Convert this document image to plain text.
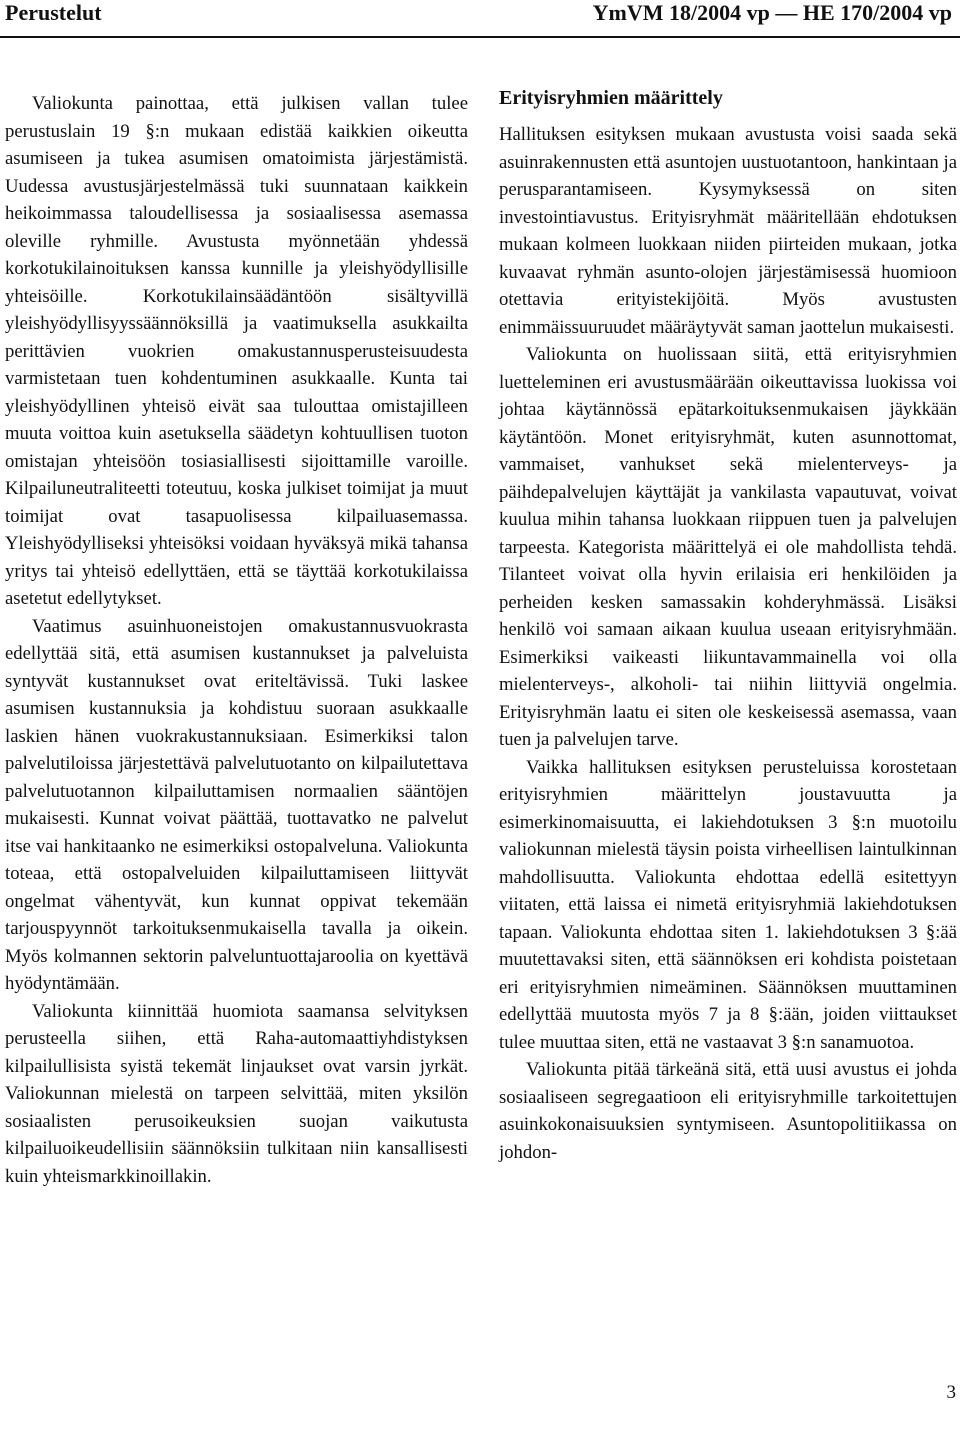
Perustelut	YmVM 18/2004 vp — HE 170/2004 vp

Valiokunta painottaa, että julkisen vallan tulee perustuslain 19 §:n mukaan edistää kaikkien oikeutta asumiseen ja tukea asumisen omatoimista järjestämistä. Uudessa avustusjärjestelmässä tuki suunnataan kaikkein heikoimmassa taloudellisessa ja sosiaalisessa asemassa oleville ryhmille. Avustusta myönnetään yhdessä korkotukilainoituksen kanssa kunnille ja yleishyödyllisille yhteisöille. Korkotukilainsäädäntöön sisältyvillä yleishyödyllisyyssäännöksillä ja vaatimuksella asukkailta perittävien vuokrien omakustannusperusteisuudesta varmistetaan tuen kohdentuminen asukkaalle. Kunta tai yleishyödyllinen yhteisö eivät saa tulouttaa omistajilleen muuta voittoa kuin asetuksella säädetyn kohtuullisen tuoton omistajan yhteisöön tosiasiallisesti sijoittamille varoille. Kilpailuneutraliteetti toteutuu, koska julkiset toimijat ja muut toimijat ovat tasapuolisessa kilpailuasemassa. Yleishyödylliseksi yhteisöksi voidaan hyväksyä mikä tahansa yritys tai yhteisö edellyttäen, että se täyttää korkotukilaissa asetetut edellytykset.

Vaatimus asuinhuoneistojen omakustannusvuokrasta edellyttää sitä, että asumisen kustannukset ja palveluista syntyvät kustannukset ovat eriteltävissä. Tuki laskee asumisen kustannuksia ja kohdistuu suoraan asukkaalle laskien hänen vuokrakustannuksiaan. Esimerkiksi talon palvelutiloissa järjestettävä palvelutuotanto on kilpailutettava palvelutuotannon kilpailuttamisen normaalien sääntöjen mukaisesti. Kunnat voivat päättää, tuottavatko ne palvelut itse vai hankitaanko ne esimerkiksi ostopalveluna. Valiokunta toteaa, että ostopalveluiden kilpailuttamiseen liittyvät ongelmat vähentyvät, kun kunnat oppivat tekemään tarjouspyynnöt tarkoituksenmukaisella tavalla ja oikein. Myös kolmannen sektorin palveluntuottajaroolia on kyettävä hyödyntämään.

Valiokunta kiinnittää huomiota saamansa selvityksen perusteella siihen, että Raha-automaattiyhdistyksen kilpailullisista syistä tekemät linjaukset ovat varsin jyrkät. Valiokunnan mielestä on tarpeen selvittää, miten yksilön sosiaalisten perusoikeuksien suojan vaikutusta kilpailuoikeudellisiin säännöksiin tulkitaan niin kansallisesti kuin yhteismarkkinoillakin.

Erityisryhmien määrittely

Hallituksen esityksen mukaan avustusta voisi saada sekä asuinrakennusten että asuntojen uustuotantoon, hankintaan ja perusparantamiseen. Kysymyksessä on siten investointiavustus. Erityisryhmät määritellään ehdotuksen mukaan kolmeen luokkaan niiden piirteiden mukaan, jotka kuvaavat ryhmän asunto-olojen järjestämisessä huomioon otettavia erityistekijöitä. Myös avustusten enimmäissuuruudet määräytyvät saman jaottelun mukaisesti.

Valiokunta on huolissaan siitä, että erityisryhmien luetteleminen eri avustusmäärään oikeuttavissa luokissa voi johtaa käytännössä epätarkoituksenmukaisen jäykkään käytäntöön. Monet erityisryhmät, kuten asunnottomat, vammaiset, vanhukset sekä mielenterveys- ja päihdepalvelujen käyttäjät ja vankilasta vapautuvat, voivat kuulua mihin tahansa luokkaan riippuen tuen ja palvelujen tarpeesta. Kategorista määrittelyä ei ole mahdollista tehdä. Tilanteet voivat olla hyvin erilaisia eri henkilöiden ja perheiden kesken samassakin kohderyhmässä. Lisäksi henkilö voi samaan aikaan kuulua useaan erityisryhmään. Esimerkiksi vaikeasti liikuntavammainella voi olla mielenterveys-, alkoholi- tai niihin liittyviä ongelmia. Erityisryhmän laatu ei siten ole keskeisessä asemassa, vaan tuen ja palvelujen tarve.

Vaikka hallituksen esityksen perusteluissa korostetaan erityisryhmien määrittelyn joustavuutta ja esimerkinomaisuutta, ei lakiehdotuksen 3 §:n muotoilu valiokunnan mielestä täysin poista virheellisen laintulkinnan mahdollisuutta. Valiokunta ehdottaa edellä esitettyyn viitaten, että laissa ei nimetä erityisryhmiä lakiehdotuksen tapaan. Valiokunta ehdottaa siten 1. lakiehdotuksen 3 §:ää muutettavaksi siten, että säännöksen eri kohdista poistetaan eri erityisryhmien nimeäminen. Säännöksen muuttaminen edellyttää muutosta myös 7 ja 8 §:ään, joiden viittaukset tulee muuttaa siten, että ne vastaavat 3 §:n sanamuotoa.

Valiokunta pitää tärkeänä sitä, että uusi avustus ei johda sosiaaliseen segregaatioon eli erityisryhmille tarkoitettujen asuinkokonaisuuksien syntymiseen. Asuntopolitiikassa on johdon-

3
